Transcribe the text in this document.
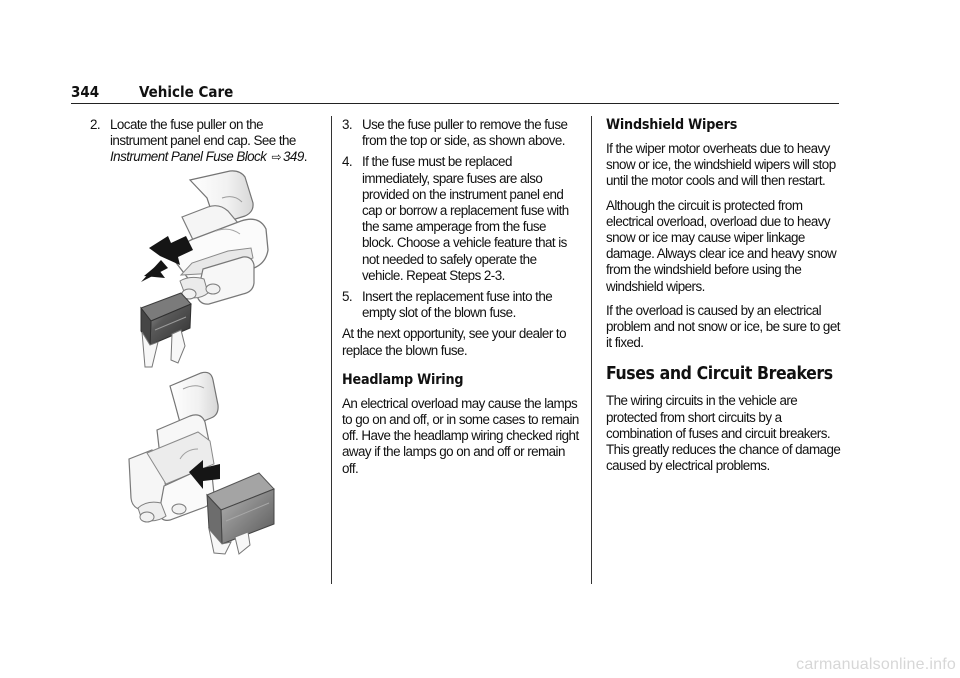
344	Vehicle Care
2. Locate the fuse puller on the instrument panel end cap. See the Instrument Panel Fuse Block ⇨ 349.
3. Use the fuse puller to remove the fuse from the top or side, as shown above.
4. If the fuse must be replaced immediately, spare fuses are also provided on the instrument panel end cap or borrow a replacement fuse with the same amperage from the fuse block. Choose a vehicle feature that is not needed to safely operate the vehicle. Repeat Steps 2-3.
5. Insert the replacement fuse into the empty slot of the blown fuse.

At the next opportunity, see your dealer to replace the blown fuse.

Headlamp Wiring

An electrical overload may cause the lamps to go on and off, or in some cases to remain off. Have the headlamp wiring checked right away if the lamps go on and off or remain off.

Windshield Wipers

If the wiper motor overheats due to heavy snow or ice, the windshield wipers will stop until the motor cools and will then restart.

Although the circuit is protected from electrical overload, overload due to heavy snow or ice may cause wiper linkage damage. Always clear ice and heavy snow from the windshield before using the windshield wipers.

If the overload is caused by an electrical problem and not snow or ice, be sure to get it fixed.

Fuses and Circuit Breakers

The wiring circuits in the vehicle are protected from short circuits by a combination of fuses and circuit breakers. This greatly reduces the chance of damage caused by electrical problems.

carmanualsonline.info
